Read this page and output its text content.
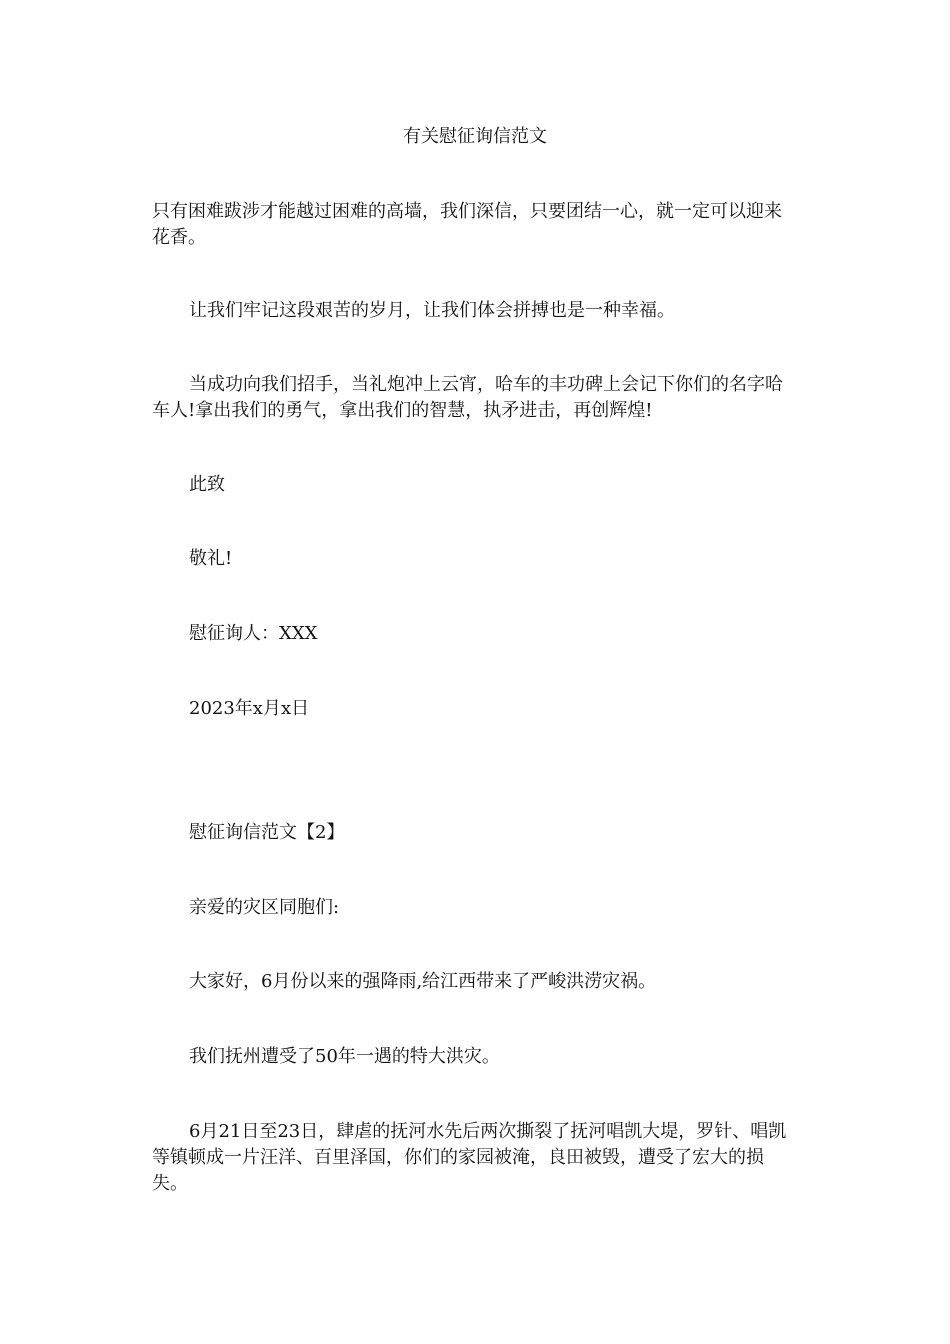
有关慰征询信范文

只有困难跋涉才能越过困难的高墙，我们深信，只要团结一心，就一定可以迎来花香。

让我们牢记这段艰苦的岁月，让我们体会拼搏也是一种幸福。

当成功向我们招手，当礼炮冲上云宵，哈车的丰功碑上会记下你们的名字哈车人!拿出我们的勇气，拿出我们的智慧，执矛进击，再创辉煌!

此致

敬礼!

慰征询人：XXX

2023年x月x日

慰征询信范文【2】

亲爱的灾区同胞们:

大家好，6月份以来的强降雨,给江西带来了严峻洪涝灾祸。

我们抚州遭受了50年一遇的特大洪灾。

6月21日至23日，肆虐的抚河水先后两次撕裂了抚河唱凯大堤，罗针、唱凯等镇顿成一片汪洋、百里泽国，你们的家园被淹，良田被毁，遭受了宏大的损失。
